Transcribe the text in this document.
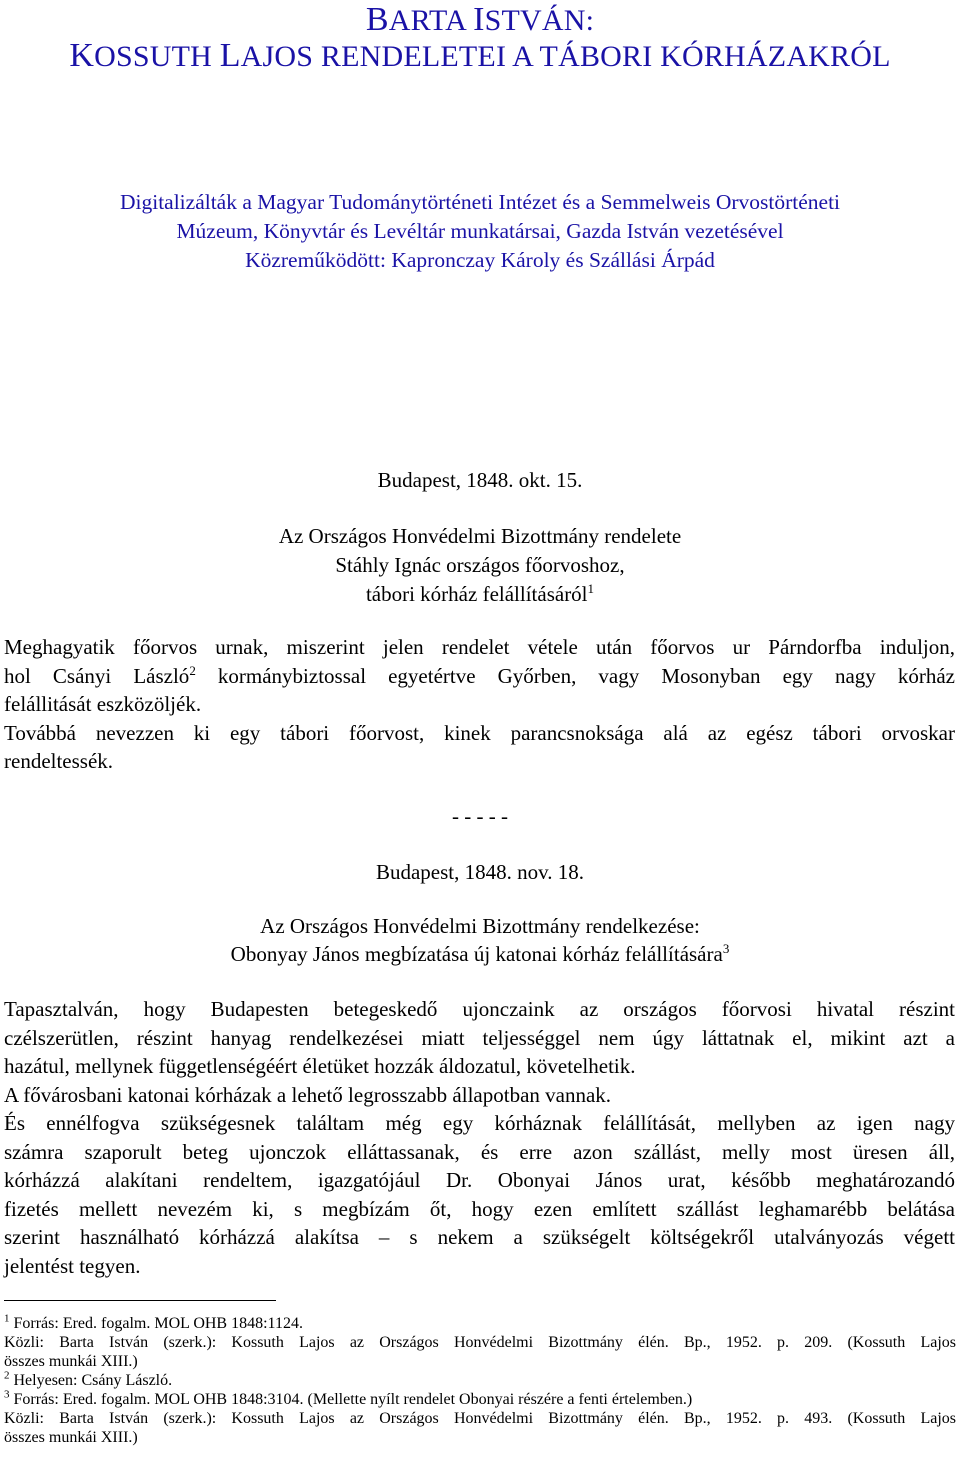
BARTA ISTVÁN:
KOSSUTH LAJOS RENDELETEI A TÁBORI KÓRHÁZAKRÓL
Digitalizálták a Magyar Tudománytörténeti Intézet és a Semmelweis Orvostörténeti
Múzeum, Könyvtár és Levéltár munkatársai, Gazda István vezetésével
Közreműködött: Kapronczay Károly és Szállási Árpád
Budapest, 1848. okt. 15.
Az Országos Honvédelmi Bizottmány rendelete
Stáhly Ignác országos főorvoshoz,
tábori kórház felállításáról$^1$
Meghagyatik főorvos urnak, miszerint jelen rendelet vétele után főorvos ur Párndorfba induljon,
hol Csányi László$^2$ kormánybiztossal egyetértve Győrben, vagy Mosonyban egy nagy kórház
felállitását eszközöljék.
Továbbá nevezzen ki egy tábori főorvost, kinek parancsnoksága alá az egész tábori orvoskar
rendeltessék.
- - - - -
Budapest, 1848. nov. 18.
Az Országos Honvédelmi Bizottmány rendelkezése:
Obonyay János megbízatása új katonai kórház felállítására$^3$
Tapasztalván, hogy Budapesten betegeskedő ujonczaink az országos főorvosi hivatal részint
czélszerütlen, részint hanyag rendelkezései miatt teljességgel nem úgy láttatnak el, mikint azt a
hazátul, mellynek függetlenségéért életüket hozzák áldozatul, követelhetik.
A fővárosbani katonai kórházak a lehető legrosszabb állapotban vannak.
És ennélfogva szükségesnek találtam még egy kórháznak felállítását, mellyben az igen nagy
számra szaporult beteg ujonczok elláttassanak, és erre azon szállást, melly most üresen áll,
kórházzá alakítani rendeltem, igazgatójául Dr. Obonyai János urat, később meghatározandó
fizetés mellett nevezém ki, s megbízám őt, hogy ezen említett szállást leghamarébb belátása
szerint használható kórházzá alakítsa – s nekem a szükségelt költségekről utalványozás végett
jelentést tegyen.
$^1$ Forrás: Ered. fogalm. MOL OHB 1848:1124.
Közli: Barta István (szerk.): Kossuth Lajos az Országos Honvédelmi Bizottmány élén. Bp., 1952. p. 209. (Kossuth Lajos
összes munkái XIII.)
$^2$ Helyesen: Csány László.
$^3$ Forrás: Ered. fogalm. MOL OHB 1848:3104. (Mellette nyílt rendelet Obonyai részére a fenti értelemben.)
Közli: Barta István (szerk.): Kossuth Lajos az Országos Honvédelmi Bizottmány élén. Bp., 1952. p. 493. (Kossuth Lajos
összes munkái XIII.)
